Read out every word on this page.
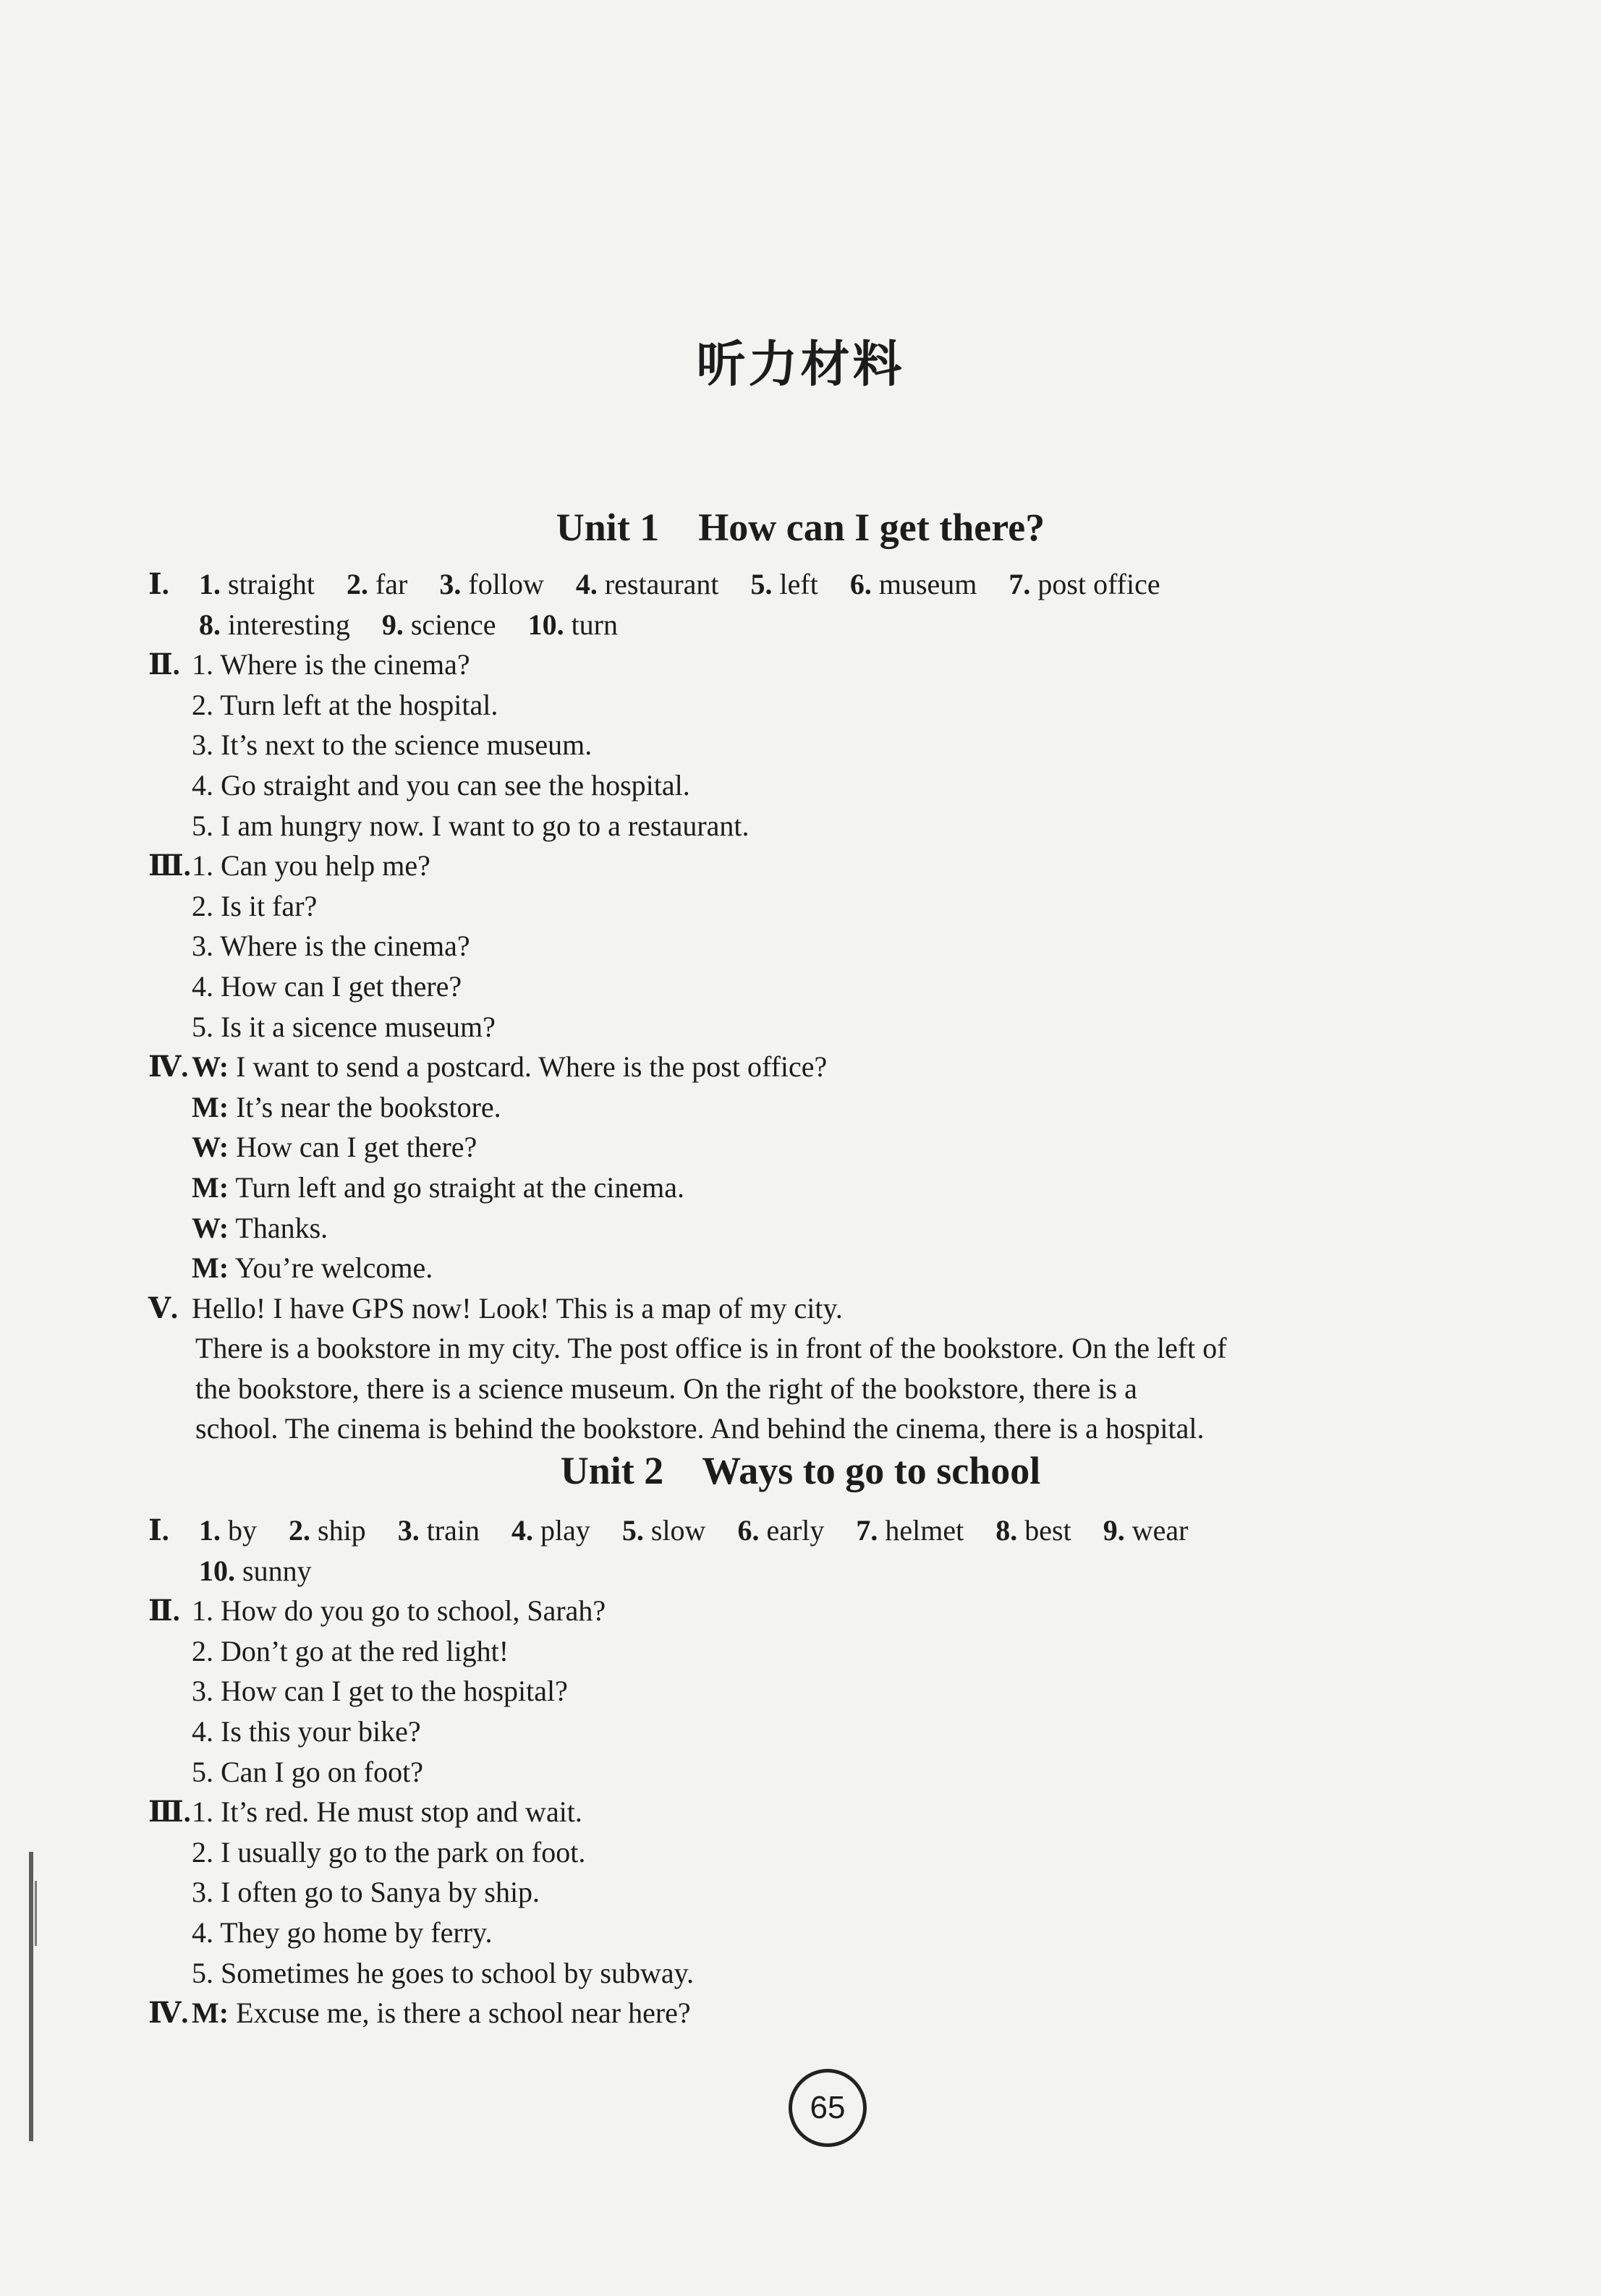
听力材料
Unit 1    How can I get there?
Ⅰ. 1. straight 2. far 3. follow 4. restaurant 5. left 6. museum 7. post office
8. interesting 9. science 10. turn
Ⅱ. 1. Where is the cinema?
2. Turn left at the hospital.
3. It’s next to the science museum.
4. Go straight and you can see the hospital.
5. I am hungry now. I want to go to a restaurant.
Ⅲ.1. Can you help me?
2. Is it far?
3. Where is the cinema?
4. How can I get there?
5. Is it a sicence museum?
Ⅳ. W: I want to send a postcard. Where is the post office?
M: It’s near the bookstore.
W: How can I get there?
M: Turn left and go straight at the cinema.
W: Thanks.
M: You’re welcome.
Ⅴ. Hello! I have GPS now! Look! This is a map of my city.
There is a bookstore in my city. The post office is in front of the bookstore. On the left of
the bookstore, there is a science museum. On the right of the bookstore, there is a
school. The cinema is behind the bookstore. And behind the cinema, there is a hospital.
Unit 2    Ways to go to school
Ⅰ. 1. by 2. ship 3. train 4. play 5. slow 6. early 7. helmet 8. best 9. wear
10. sunny
Ⅱ. 1. How do you go to school, Sarah?
2. Don’t go at the red light!
3. How can I get to the hospital?
4. Is this your bike?
5. Can I go on foot?
Ⅲ.1. It’s red. He must stop and wait.
2. I usually go to the park on foot.
3. I often go to Sanya by ship.
4. They go home by ferry.
5. Sometimes he goes to school by subway.
Ⅳ. M: Excuse me, is there a school near here?
65
